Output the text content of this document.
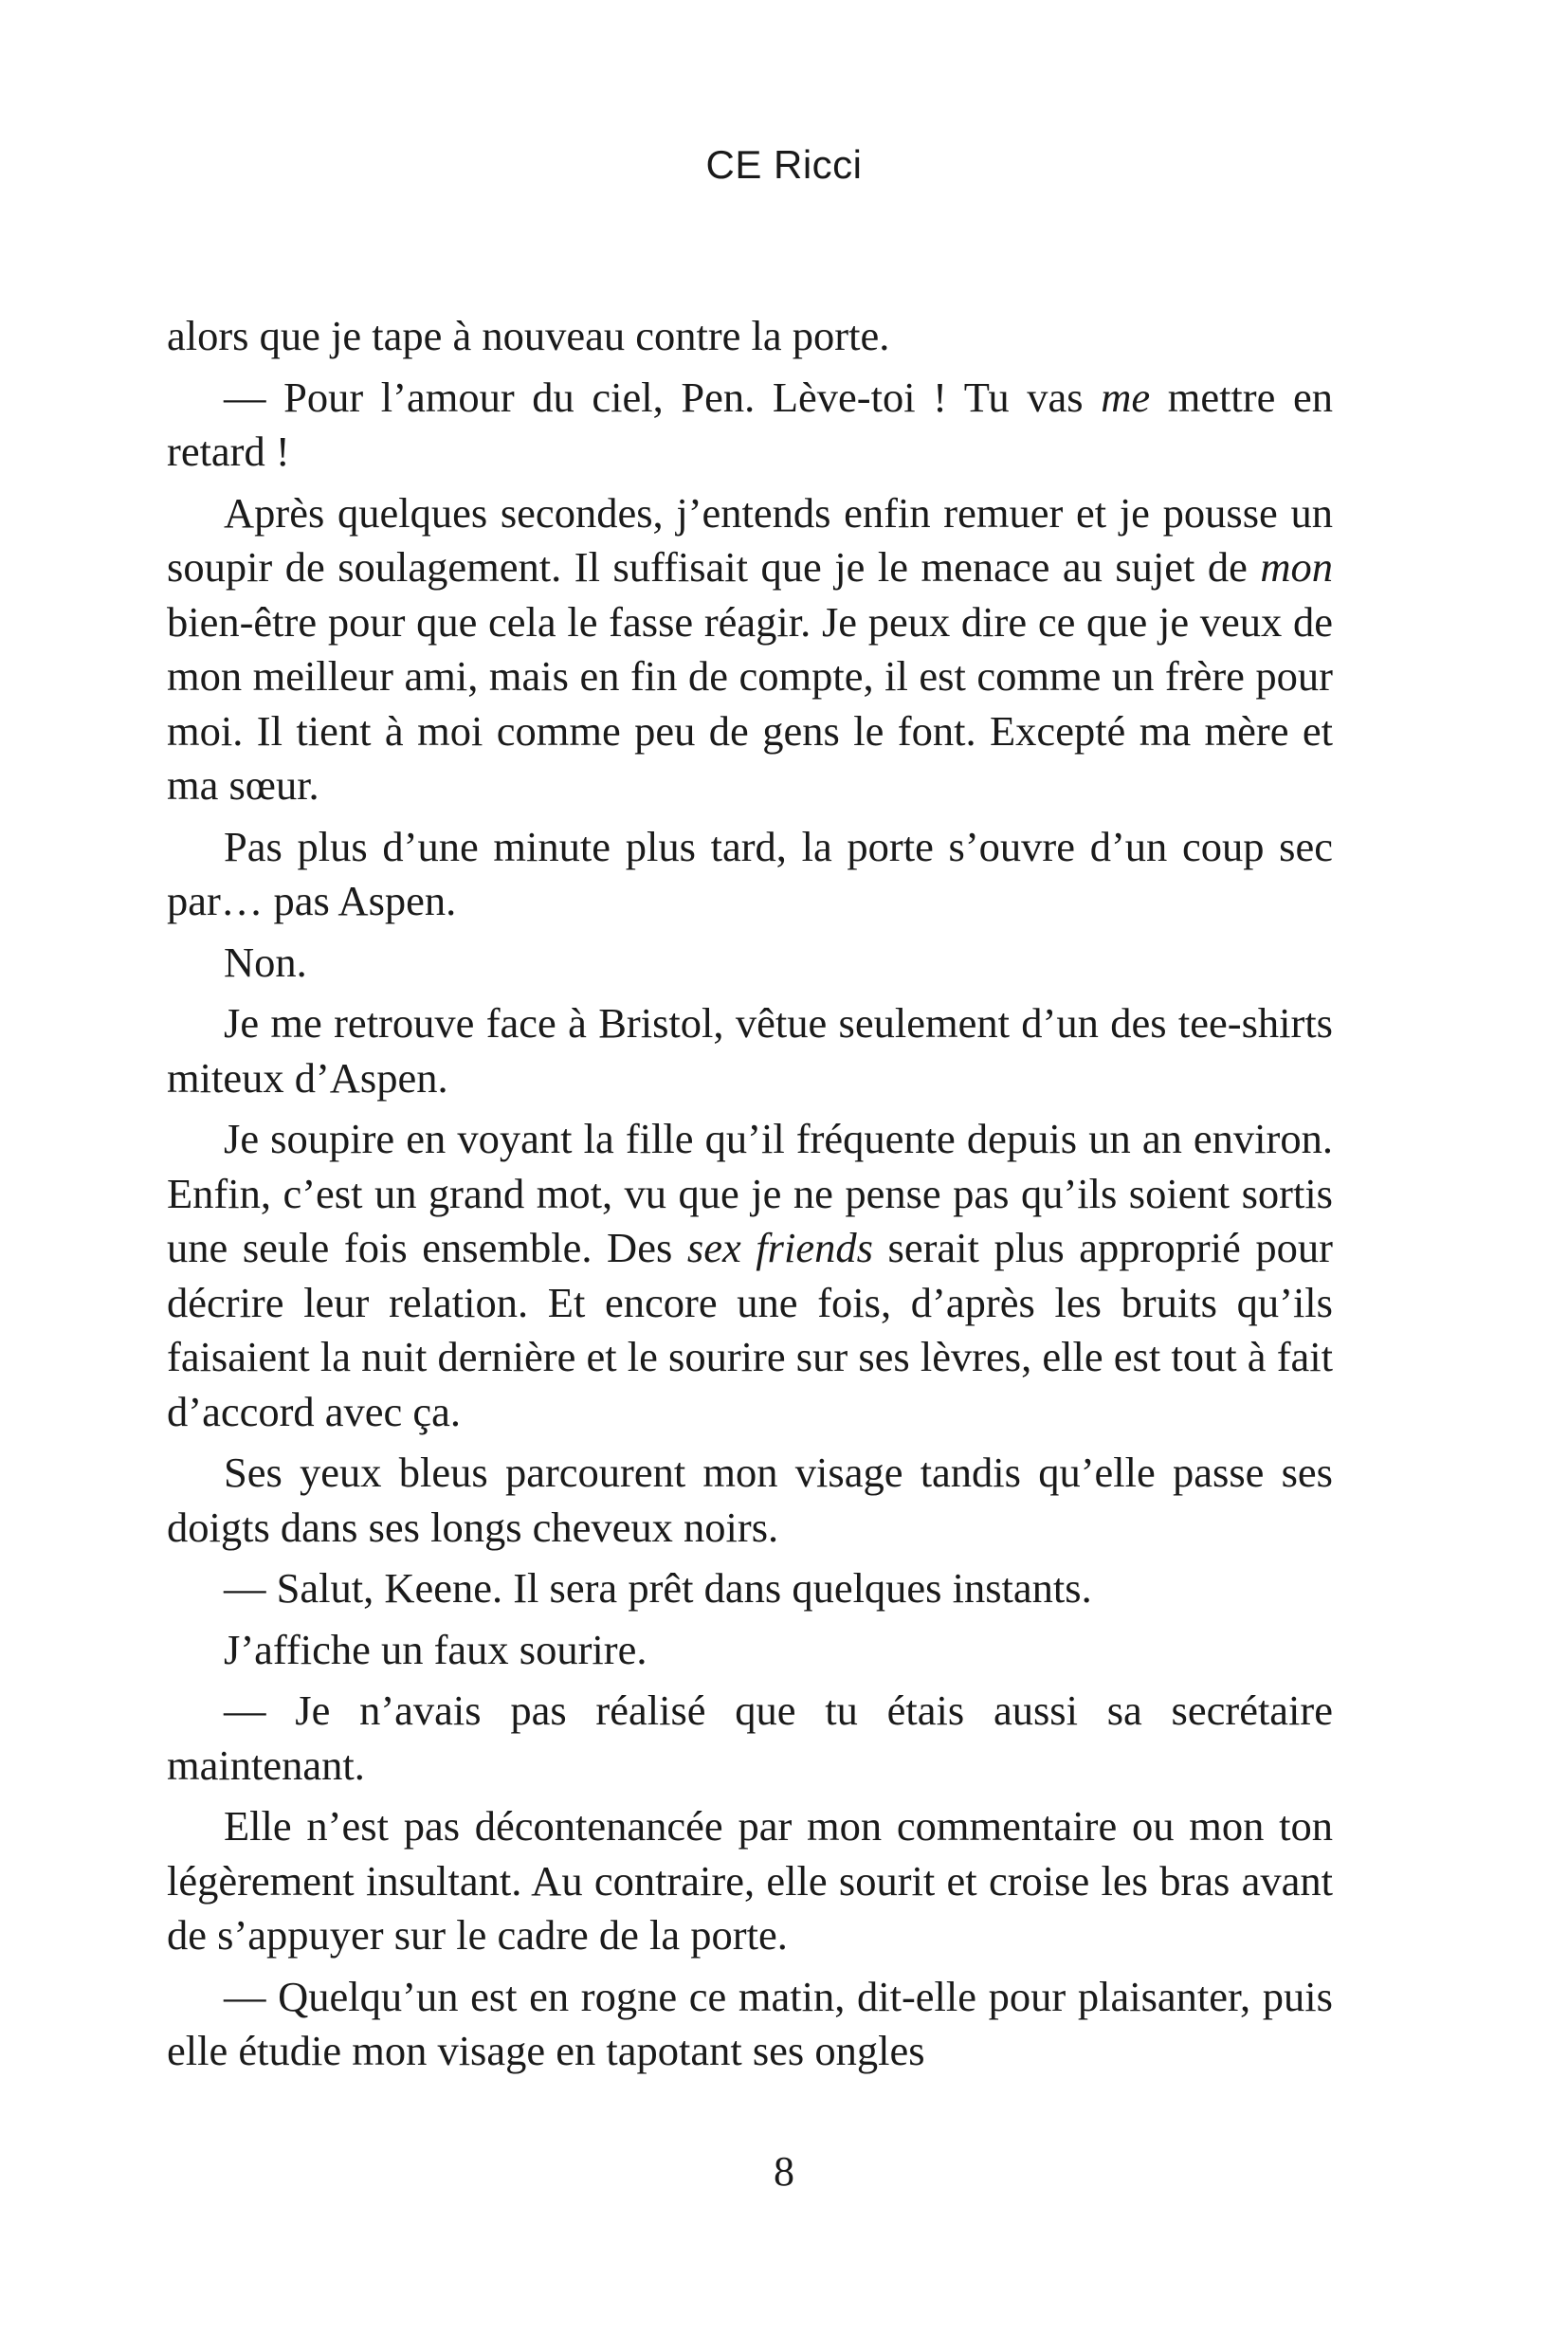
CE Ricci

alors que je tape à nouveau contre la porte.

— Pour l’amour du ciel, Pen. Lève-toi ! Tu vas me mettre en retard !

Après quelques secondes, j’entends enfin remuer et je pousse un soupir de soulagement. Il suffisait que je le menace au sujet de mon bien-être pour que cela le fasse réagir. Je peux dire ce que je veux de mon meilleur ami, mais en fin de compte, il est comme un frère pour moi. Il tient à moi comme peu de gens le font. Excepté ma mère et ma sœur.

Pas plus d’une minute plus tard, la porte s’ouvre d’un coup sec par… pas Aspen.

Non.

Je me retrouve face à Bristol, vêtue seulement d’un des tee-shirts miteux d’Aspen.

Je soupire en voyant la fille qu’il fréquente depuis un an environ. Enfin, c’est un grand mot, vu que je ne pense pas qu’ils soient sortis une seule fois ensemble. Des sex friends serait plus approprié pour décrire leur relation. Et encore une fois, d’après les bruits qu’ils faisaient la nuit dernière et le sourire sur ses lèvres, elle est tout à fait d’accord avec ça.

Ses yeux bleus parcourent mon visage tandis qu’elle passe ses doigts dans ses longs cheveux noirs.

— Salut, Keene. Il sera prêt dans quelques instants.

J’affiche un faux sourire.

— Je n’avais pas réalisé que tu étais aussi sa secrétaire maintenant.

Elle n’est pas décontenancée par mon commentaire ou mon ton légèrement insultant. Au contraire, elle sourit et croise les bras avant de s’appuyer sur le cadre de la porte.

— Quelqu’un est en rogne ce matin, dit-elle pour plaisanter, puis elle étudie mon visage en tapotant ses ongles

8
